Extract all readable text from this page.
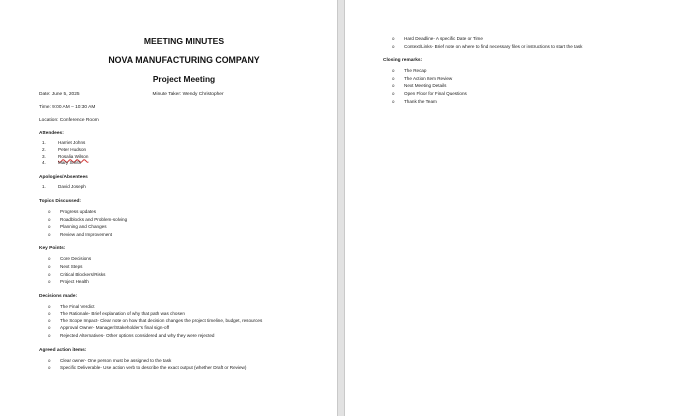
MEETING MINUTES
NOVA MANUFACTURING COMPANY
Project Meeting
Date: June 5, 2025	Minute Taker: Wendy Christopher
Time: 9:00 AM – 10:30 AM
Location: Conference Room
Attendees:
1.	Harriet Johns
2.	Peter Hudson
3.	Rosalia Wilson
4.	Mary Smith
Apologies/Absentees
1.	David Joseph
Topics Discussed:
o Progress updates
o Roadblocks and Problem-solving
o Planning and Changes
o Review and Improvement
Key Points:
o Core Decisions
o Next Steps
o Critical Blockers/Risks
o Project Health
Decisions made:
o The Final Verdict
o The Rationale- Brief explanation of why that path was chosen
o The Scope Impact- Clear note on how that decision changes the project timeline, budget, resources
o Approval Owner- Manager/Stakeholder’s final sign-off
o Rejected Alternatives- Other options considered and why they were rejected
Agreed action items:
o Clear owner- One person must be assigned to the task
o Specific Deliverable- Use action verb to describe the exact output (whether Draft or Review)
o Hard Deadline- A specific Date or Time
o Context/Links- Brief note on where to find necessary files or instructions to start the task
Closing remarks:
o The Recap
o The Action Item Review
o Next Meeting Details
o Open Floor for Final Questions
o Thank the Team
